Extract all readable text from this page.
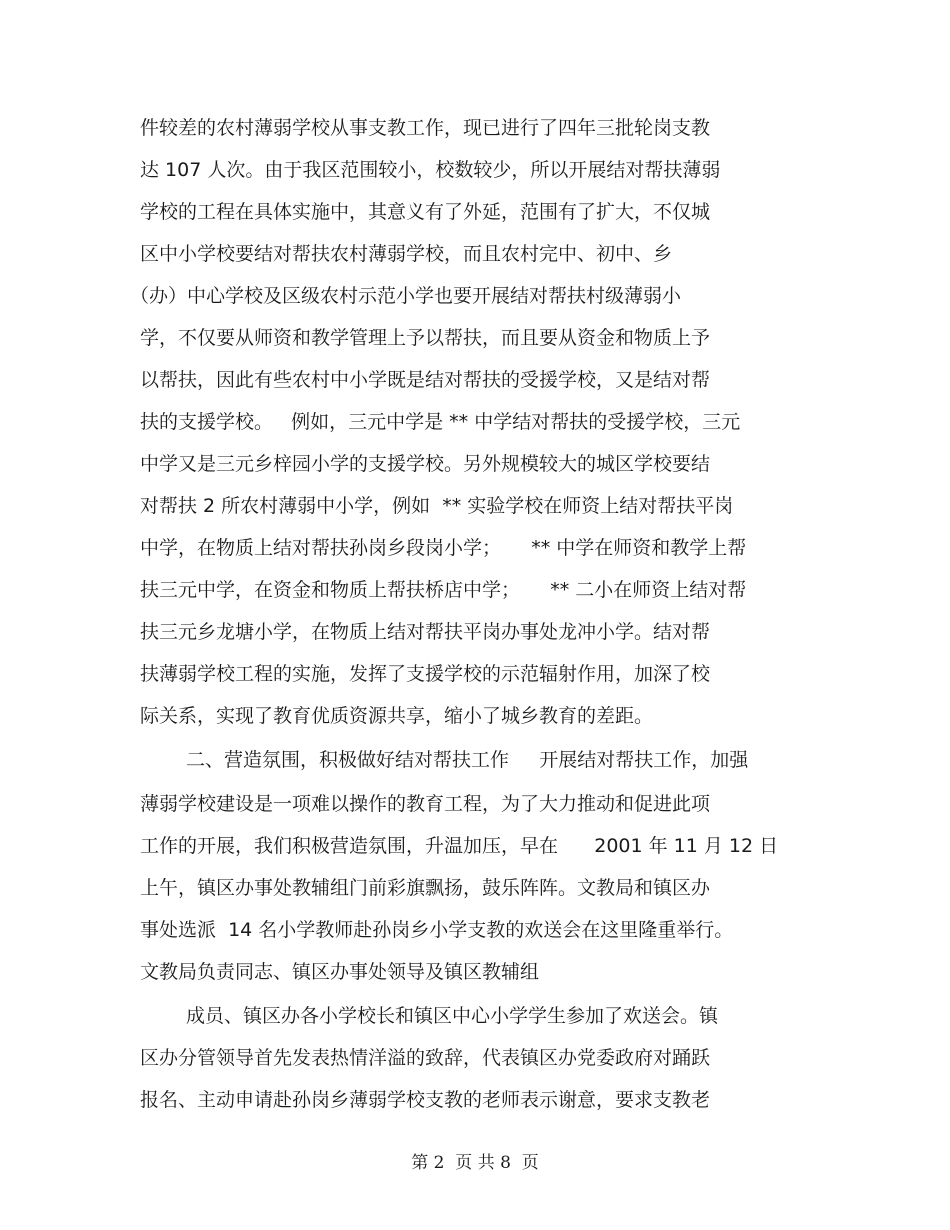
件较差的农村薄弱学校从事支教工作，现已进行了四年三批轮岗支教
达 107 人次。由于我区范围较小，校数较少，所以开展结对帮扶薄弱
学校的工程在具体实施中，其意义有了外延，范围有了扩大，不仅城
区中小学校要结对帮扶农村薄弱学校，而且农村完中、初中、乡
（办）中心学校及区级农村示范小学也要开展结对帮扶村级薄弱小
学，不仅要从师资和教学管理上予以帮扶，而且要从资金和物质上予
以帮扶，因此有些农村中小学既是结对帮扶的受援学校，又是结对帮
扶的支援学校。   例如，三元中学是 ** 中学结对帮扶的受援学校，三元
中学又是三元乡梓园小学的支援学校。另外规模较大的城区学校要结
对帮扶 2 所农村薄弱中小学，例如  ** 实验学校在师资上结对帮扶平岗
中学，在物质上结对帮扶孙岗乡段岗小学；     ** 中学在师资和教学上帮
扶三元中学，在资金和物质上帮扶桥店中学；     ** 二小在师资上结对帮
扶三元乡龙塘小学，在物质上结对帮扶平岗办事处龙冲小学。结对帮
扶薄弱学校工程的实施，发挥了支援学校的示范辐射作用，加深了校
际关系，实现了教育优质资源共享，缩小了城乡教育的差距。
二、营造氛围，积极做好结对帮扶工作     开展结对帮扶工作，加强
薄弱学校建设是一项难以操作的教育工程，为了大力推动和促进此项
工作的开展，我们积极营造氛围，升温加压，早在      2001 年 11 月 12 日
上午，镇区办事处教辅组门前彩旗飘扬，鼓乐阵阵。文教局和镇区办
事处选派  14 名小学教师赴孙岗乡小学支教的欢送会在这里隆重举行。
文教局负责同志、镇区办事处领导及镇区教辅组
成员、镇区办各小学校长和镇区中心小学学生参加了欢送会。镇
区办分管领导首先发表热情洋溢的致辞，代表镇区办党委政府对踊跃
报名、主动申请赴孙岗乡薄弱学校支教的老师表示谢意，要求支教老
第 2  页 共 8  页
